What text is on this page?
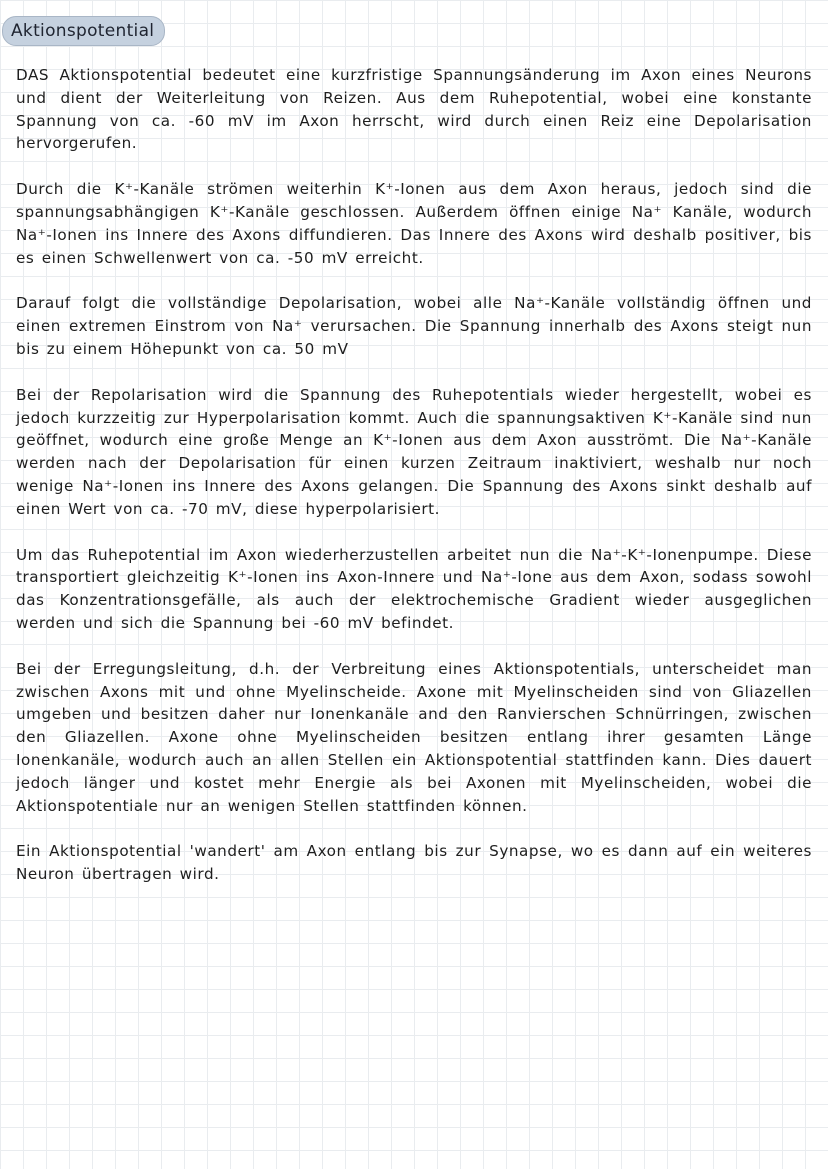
Aktionspotential

DAS Aktionspotential bedeutet eine kurzfristige Spannungsänderung im Axon eines Neurons und dient der Weiterleitung von Reizen. Aus dem Ruhepotential, wobei eine konstante Spannung von ca. -60 mV im Axon herrscht, wird durch einen Reiz eine Depolarisation hervorgerufen.

Durch die K⁺-Kanäle strömen weiterhin K⁺-Ionen aus dem Axon heraus, jedoch sind die spannungsabhängigen K⁺-Kanäle geschlossen. Außerdem öffnen einige Na⁺ Kanäle, wodurch Na⁺-Ionen ins Innere des Axons diffundieren. Das Innere des Axons wird deshalb positiver, bis es einen Schwellenwert von ca. -50 mV erreicht.

Darauf folgt die vollständige Depolarisation, wobei alle Na⁺-Kanäle vollständig öffnen und einen extremen Einstrom von Na⁺ verursachen. Die Spannung innerhalb des Axons steigt nun bis zu einem Höhepunkt von ca. 50 mV

Bei der Repolarisation wird die Spannung des Ruhepotentials wieder hergestellt, wobei es jedoch kurzzeitig zur Hyperpolarisation kommt. Auch die spannungsaktiven K⁺-Kanäle sind nun geöffnet, wodurch eine große Menge an K⁺-Ionen aus dem Axon ausströmt. Die Na⁺-Kanäle werden nach der Depolarisation für einen kurzen Zeitraum inaktiviert, weshalb nur noch wenige Na⁺-Ionen ins Innere des Axons gelangen. Die Spannung des Axons sinkt deshalb auf einen Wert von ca. -70 mV, diese hyperpolarisiert.

Um das Ruhepotential im Axon wiederherzustellen arbeitet nun die Na⁺-K⁺-Ionenpumpe. Diese transportiert gleichzeitig K⁺-Ionen ins Axon-Innere und Na⁺-Ione aus dem Axon, sodass sowohl das Konzentrationsgefälle, als auch der elektrochemische Gradient wieder ausgeglichen werden und sich die Spannung bei -60 mV befindet.

Bei der Erregungsleitung, d.h. der Verbreitung eines Aktionspotentials, unterscheidet man zwischen Axons mit und ohne Myelinscheide. Axone mit Myelinscheiden sind von Gliazellen umgeben und besitzen daher nur Ionenkanäle and den Ranvierschen Schnürringen, zwischen den Gliazellen. Axone ohne Myelinscheiden besitzen entlang ihrer gesamten Länge Ionenkanäle, wodurch auch an allen Stellen ein Aktionspotential stattfinden kann. Dies dauert jedoch länger und kostet mehr Energie als bei Axonen mit Myelinscheiden, wobei die Aktionspotentiale nur an wenigen Stellen stattfinden können.

Ein Aktionspotential 'wandert' am Axon entlang bis zur Synapse, wo es dann auf ein weiteres Neuron übertragen wird.
